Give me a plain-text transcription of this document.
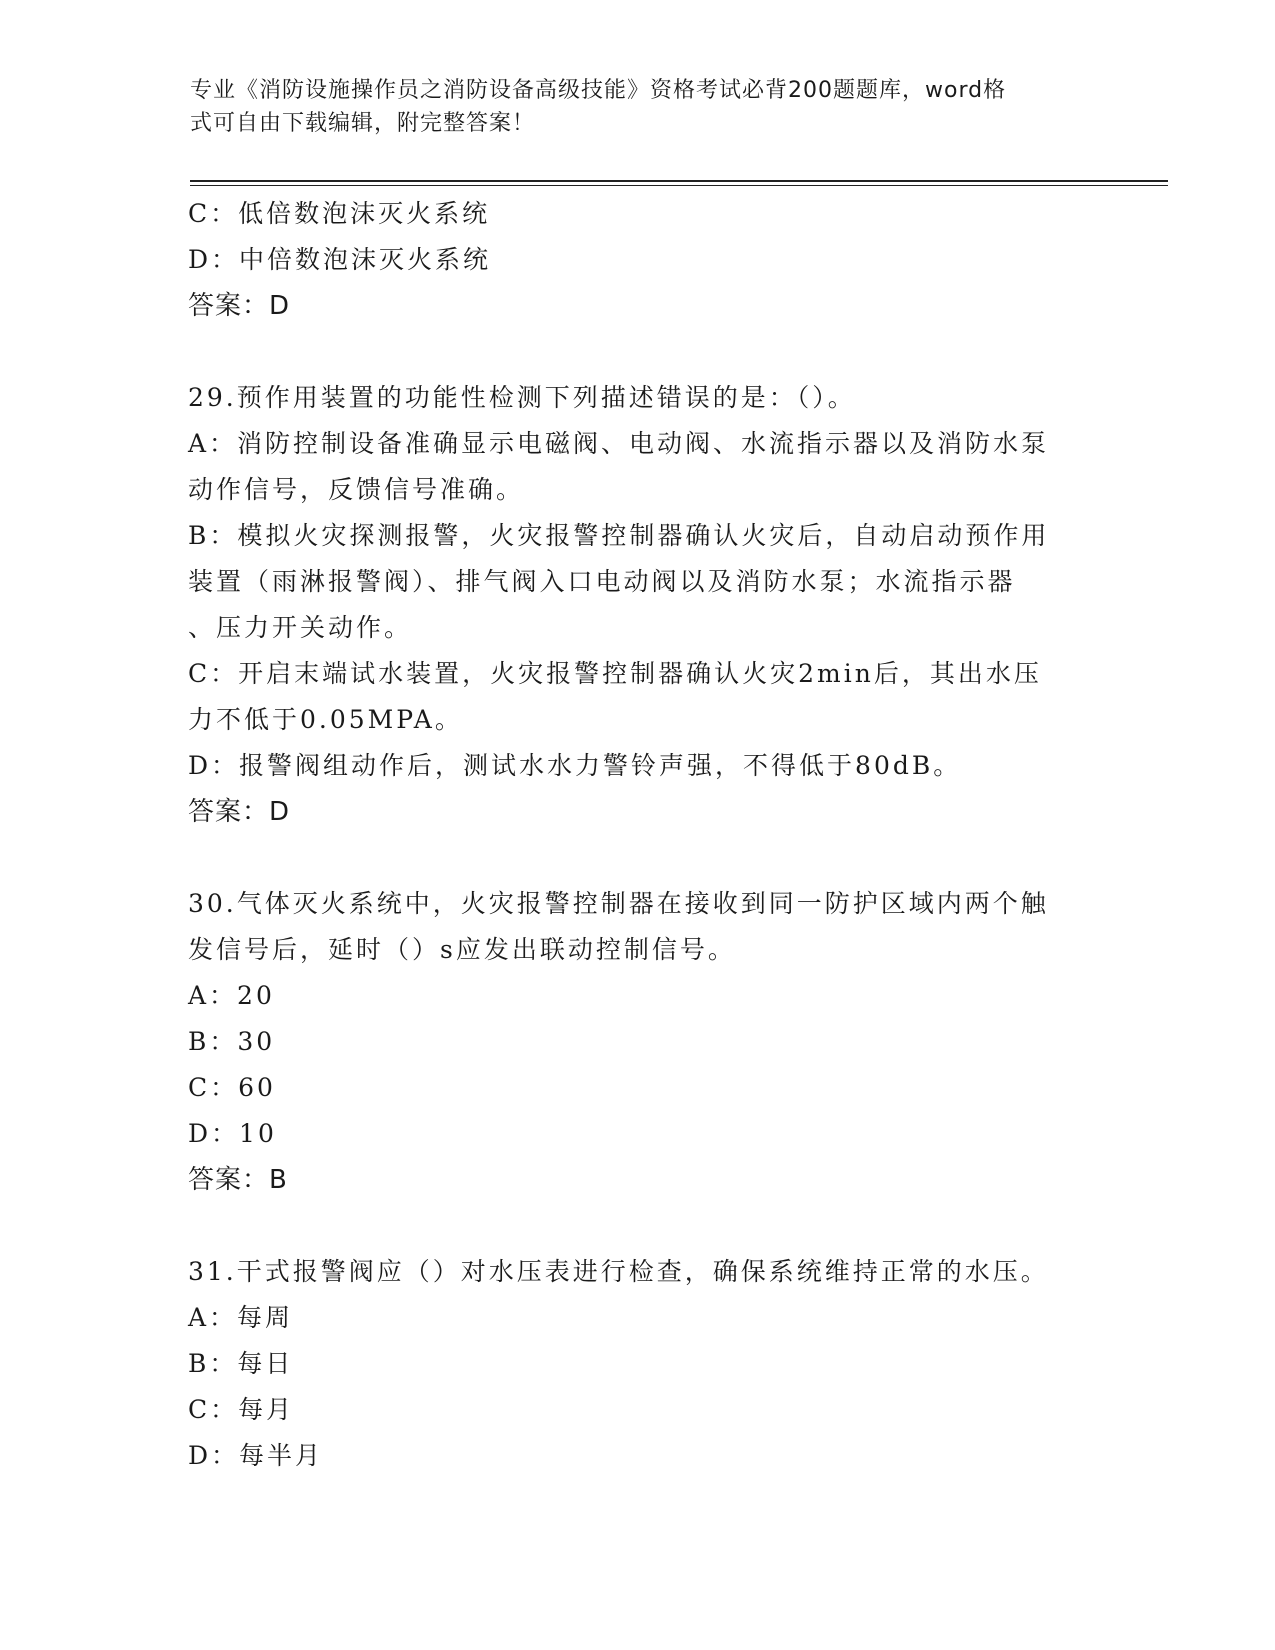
专业《消防设施操作员之消防设备高级技能》资格考试必背200题题库，word格
式可自由下载编辑，附完整答案！
C：低倍数泡沫灭火系统
D：中倍数泡沫灭火系统
答案：D
29.预作用装置的功能性检测下列描述错误的是：（）。
A：消防控制设备准确显示电磁阀、电动阀、水流指示器以及消防水泵
动作信号，反馈信号准确。
B：模拟火灾探测报警，火灾报警控制器确认火灾后，自动启动预作用
装置（雨淋报警阀）、排气阀入口电动阀以及消防水泵；水流指示器
、压力开关动作。
C：开启末端试水装置，火灾报警控制器确认火灾2min后，其出水压
力不低于0.05MPA。
D：报警阀组动作后，测试水水力警铃声强，不得低于80dB。
答案：D
30.气体灭火系统中，火灾报警控制器在接收到同一防护区域内两个触
发信号后，延时（）s应发出联动控制信号。
A：20
B：30
C：60
D：10
答案：B
31.干式报警阀应（）对水压表进行检查，确保系统维持正常的水压。
A：每周
B：每日
C：每月
D：每半月
